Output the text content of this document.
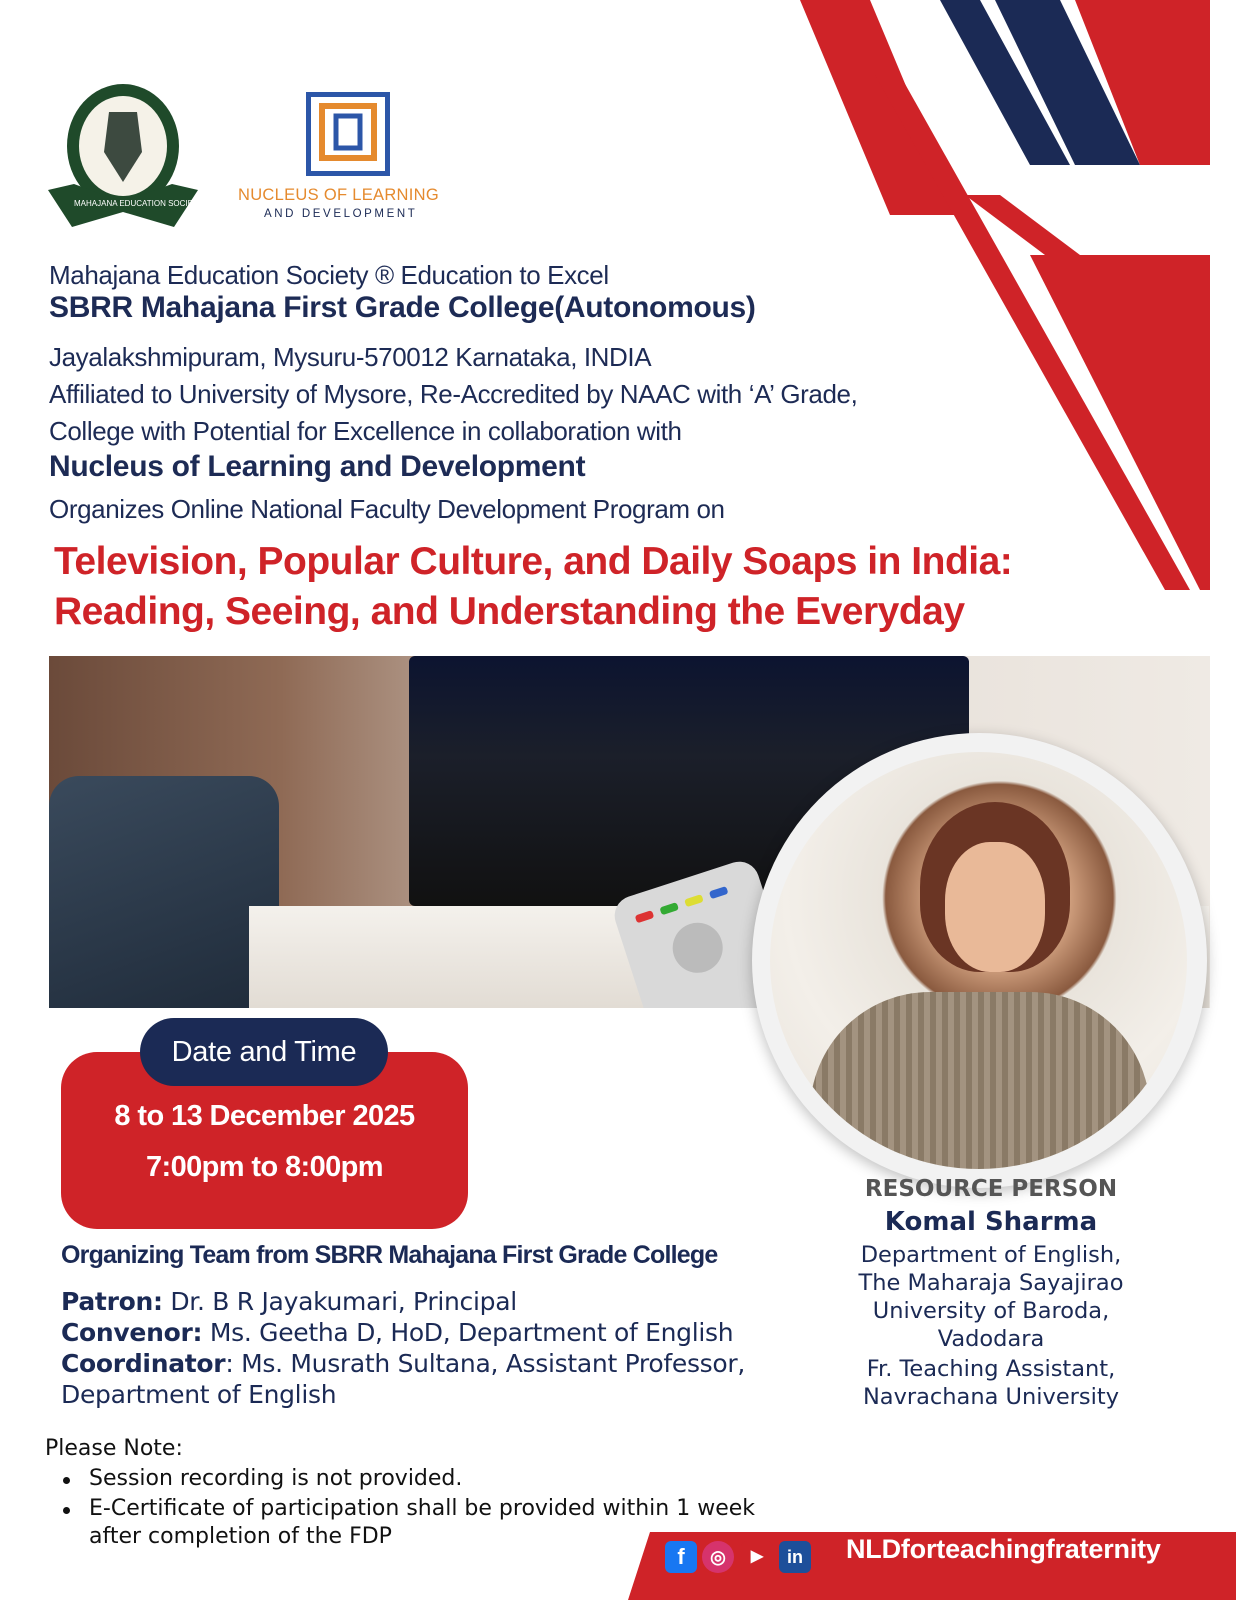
MAHAJANA EDUCATION SOCIETY ESTD. 1907
NUCLEUS OF LEARNING
AND DEVELOPMENT
Mahajana Education Society ® Education to Excel
SBRR Mahajana First Grade College(Autonomous)
Jayalakshmipuram, Mysuru-570012 Karnataka, INDIA
Affiliated to University of Mysore, Re-Accredited by NAAC with ‘A’ Grade,
College with Potential for Excellence in collaboration with
Nucleus of Learning and Development
Organizes Online National Faculty Development Program on
Television, Popular Culture, and Daily Soaps in India:
Reading, Seeing, and Understanding the Everyday
Date and Time
8 to 13 December 2025
7:00pm to 8:00pm
Organizing Team from SBRR Mahajana First Grade College
Patron: Dr. B R Jayakumari, Principal
Convenor: Ms. Geetha D, HoD, Department of English
Coordinator: Ms. Musrath Sultana, Assistant Professor,
Department of English
RESOURCE PERSON
Komal Sharma
Department of English,
The Maharaja Sayajirao
University of Baroda,
Vadodara
Fr. Teaching Assistant,
Navrachana University
Please Note:
Session recording is not provided.
E-Certificate of participation shall be provided within 1 week
after completion of the FDP
f	◎	▶	in NLDforteachingfraternity
